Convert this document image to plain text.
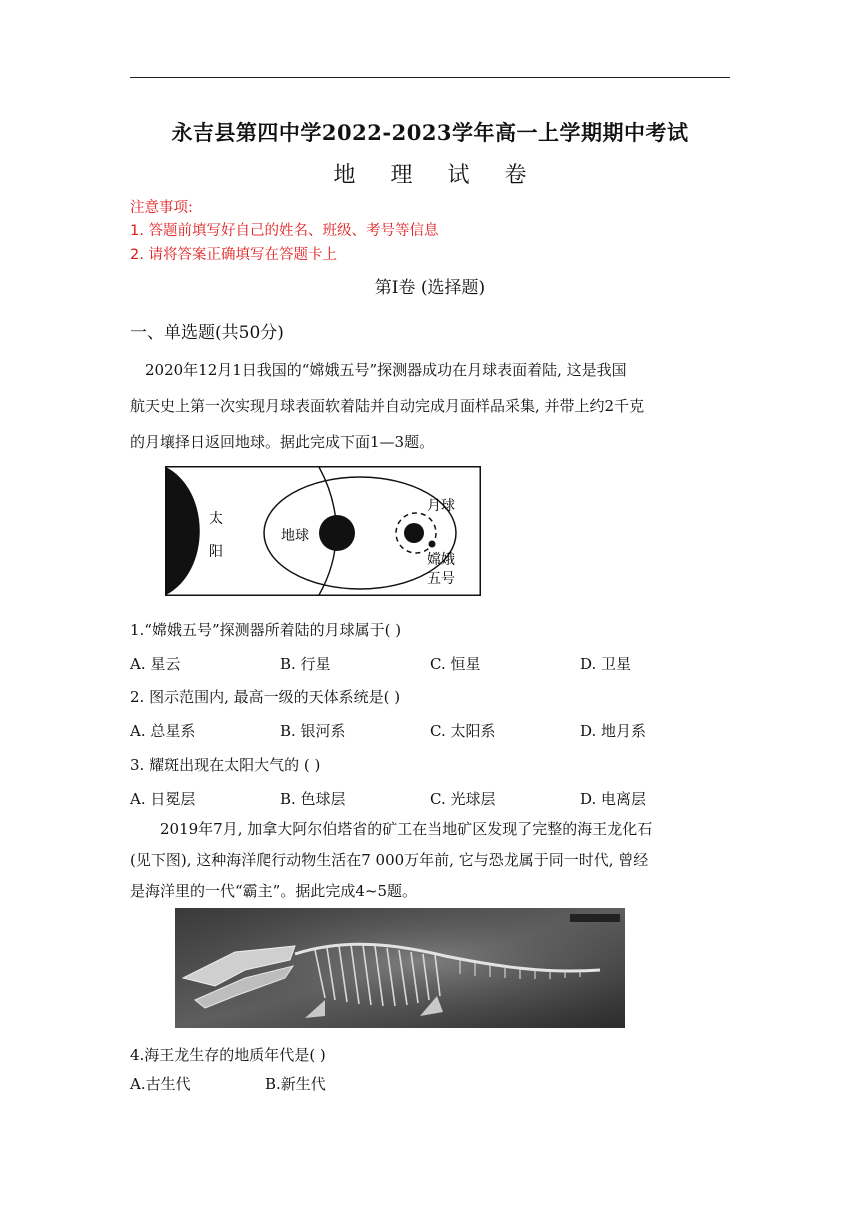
永吉县第四中学2022-2023学年高一上学期期中考试
地 理 试 卷
注意事项:
1. 答题前填写好自己的姓名、班级、考号等信息
2. 请将答案正确填写在答题卡上
第I卷 (选择题)
一、单选题(共50分)
2020年12月1日我国的“嫦娥五号”探测器成功在月球表面着陆, 这是我国
航天史上第一次实现月球表面软着陆并自动完成月面样品采集, 并带上约2千克
的月壤择日返回地球。据此完成下面1—3题。
太
阳
地球
月球
嫦娥
五号
1.“嫦娥五号”探测器所着陆的月球属于( )
A. 星云	B. 行星	C. 恒星	D. 卫星
2. 图示范围内, 最高一级的天体系统是( )
A. 总星系	B. 银河系	C. 太阳系	D. 地月系
3. 耀斑出现在太阳大气的 ( )
A. 日冕层	B. 色球层	C. 光球层	D. 电离层
2019年7月, 加拿大阿尔伯塔省的矿工在当地矿区发现了完整的海王龙化石
(见下图), 这种海洋爬行动物生活在7 000万年前, 它与恐龙属于同一时代, 曾经
是海洋里的一代“霸主”。据此完成4~5题。
4.海王龙生存的地质年代是( )
A.古生代	B.新生代
